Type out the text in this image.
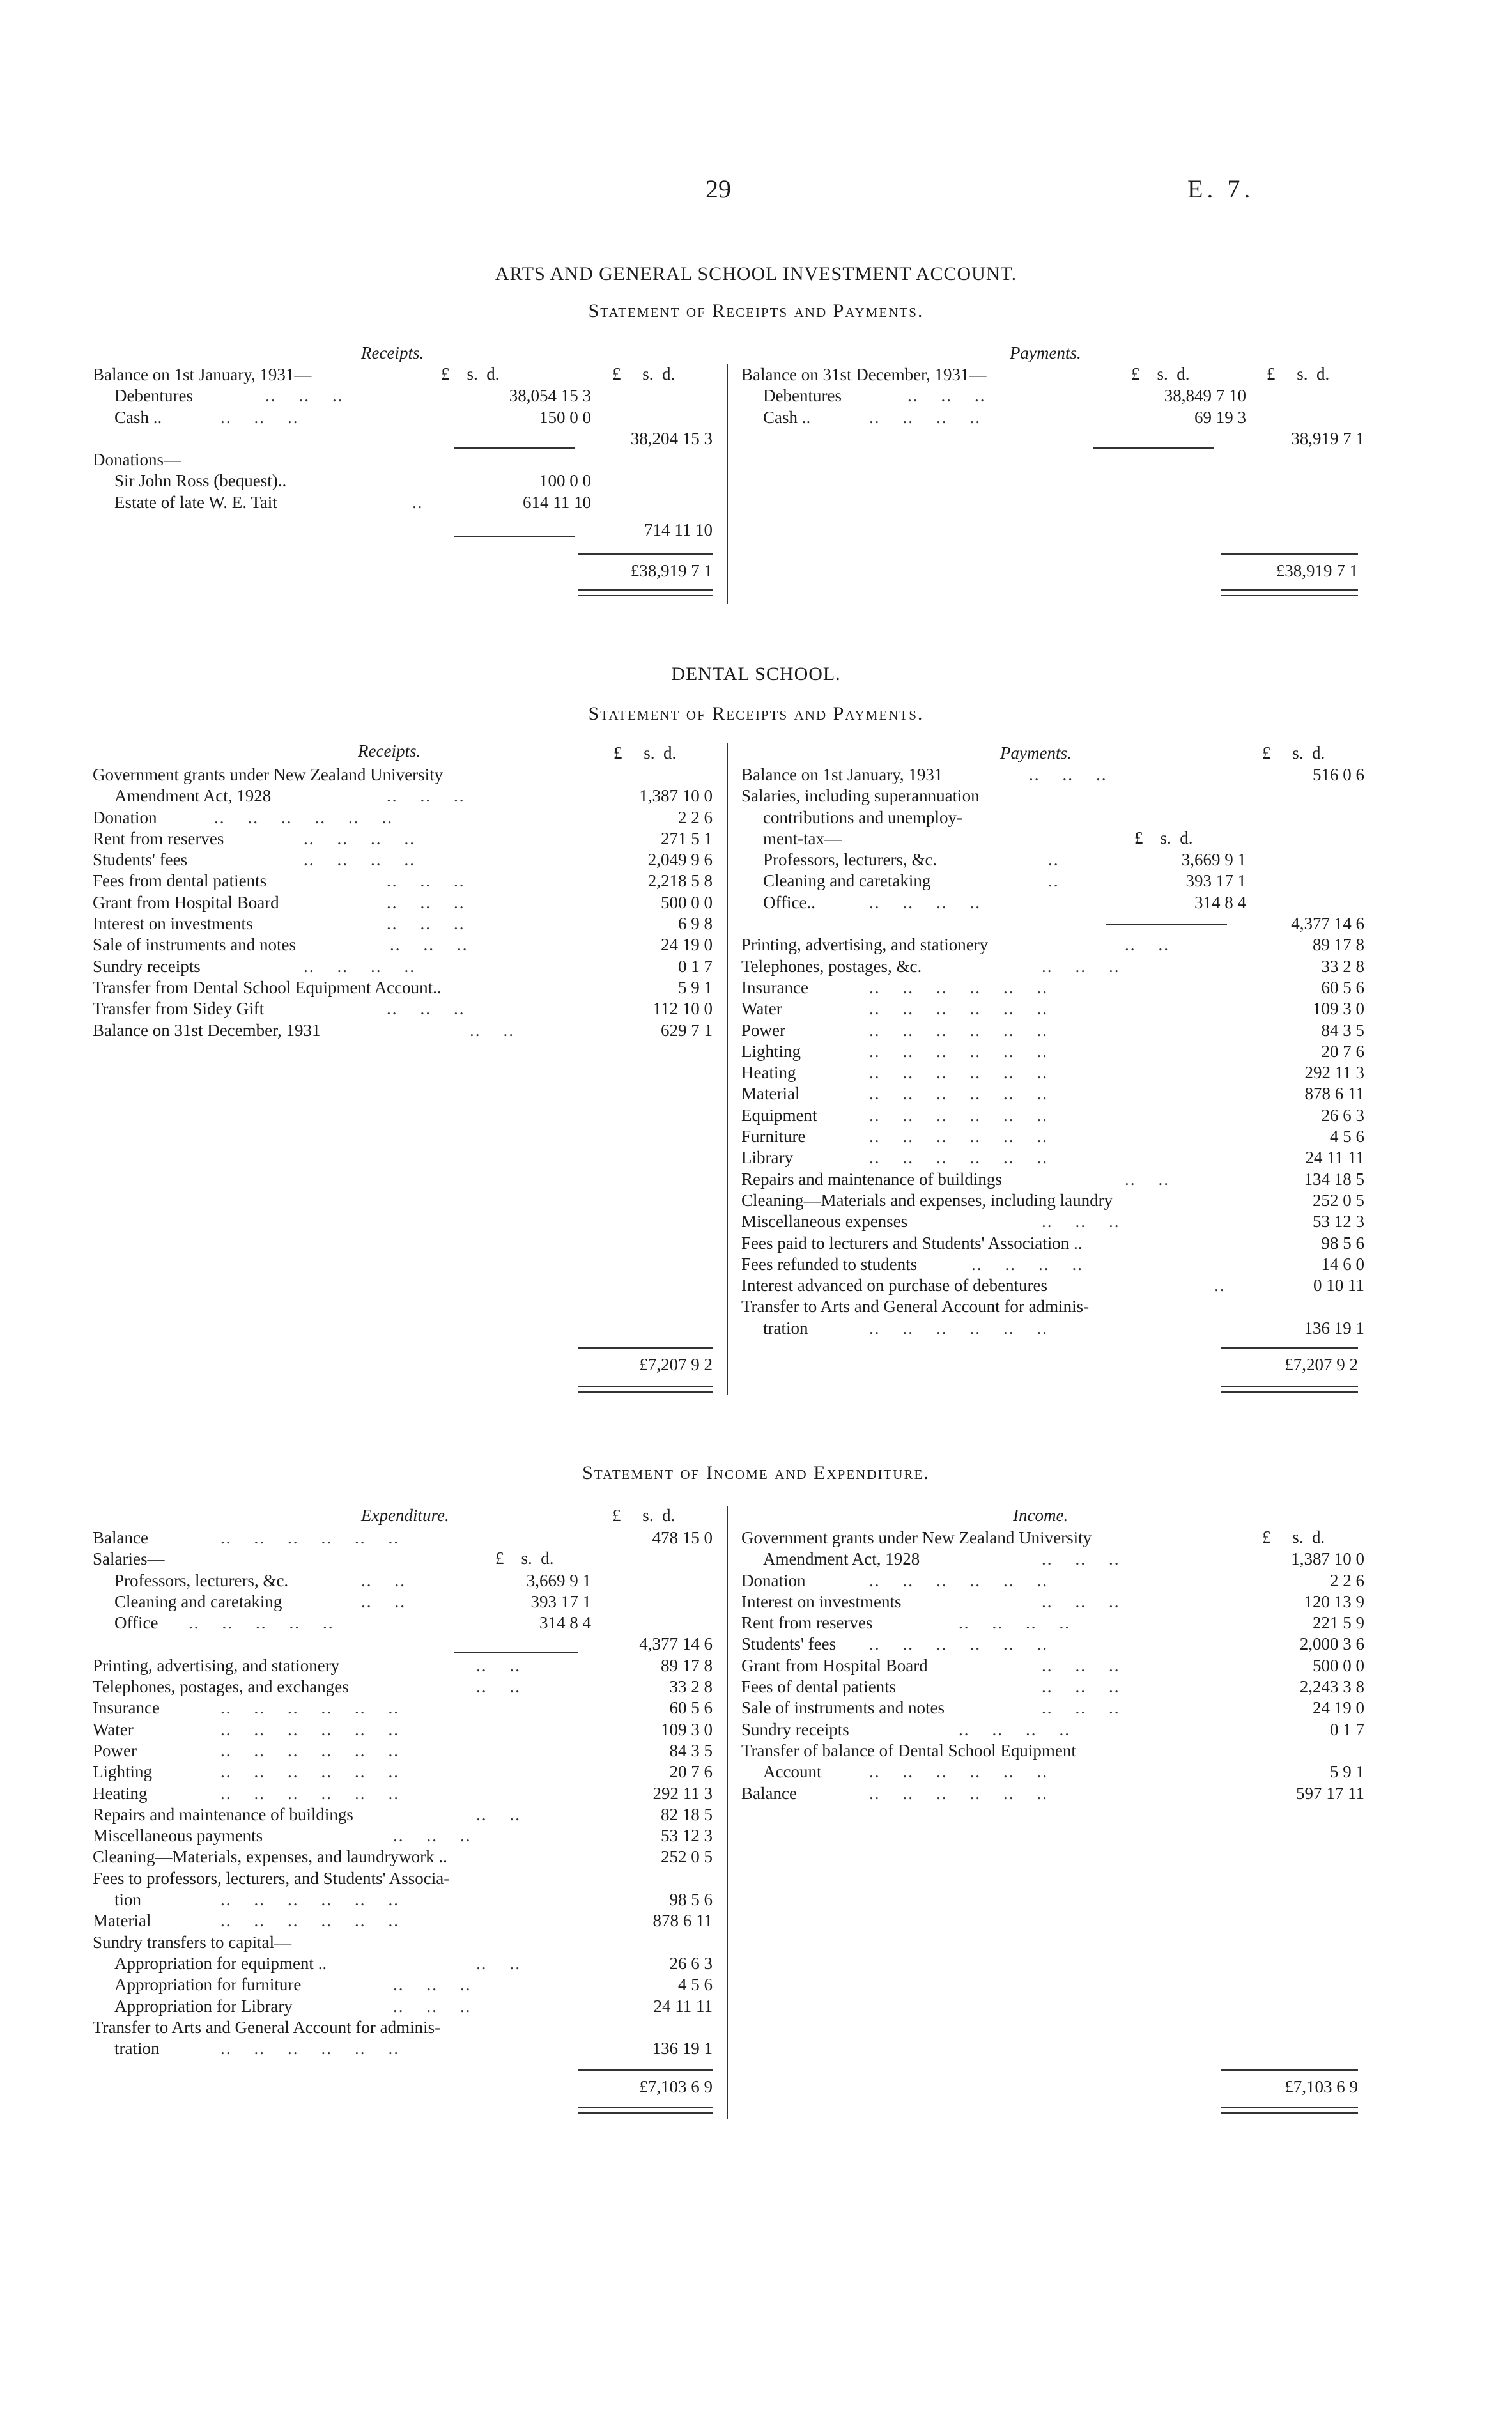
29	E. 7.
ARTS AND GENERAL SCHOOL INVESTMENT ACCOUNT.
Statement of Receipts and Payments.
Receipts.	Payments.
£    s.  d.	£     s.  d.	£    s.  d.	£     s.  d.
Balance on 1st January, 1931—
Debentures	..    ..    ..	38,054 15 3
Cash ..	..    ..    ..	150 0 0
38,204 15 3
Donations—
Sir John Ross (bequest)..	100 0 0
Estate of late W. E. Tait	..	614 11 10
714 11 10
£38,919 7 1
Balance on 31st December, 1931—
Debentures	..    ..    ..	38,849 7 10
Cash ..	..    ..    ..    ..	69 19 3
38,919 7 1
£38,919 7 1
DENTAL SCHOOL.
Statement of Receipts and Payments.
Receipts.	£     s.  d.	Payments.	£     s.  d.
£    s.  d.
Government grants under New Zealand University
Amendment Act, 1928	..    ..    ..	1,387 10 0
Donation	..    ..    ..    ..    ..    ..	2 2 6
Rent from reserves	..    ..    ..    ..	271 5 1
Students' fees	..    ..    ..    ..	2,049 9 6
Fees from dental patients	..    ..    ..	2,218 5 8
Grant from Hospital Board	..    ..    ..	500 0 0
Interest on investments	..    ..    ..	6 9 8
Sale of instruments and notes	..    ..    ..	24 19 0
Sundry receipts	..    ..    ..    ..	0 1 7
Transfer from Dental School Equipment Account..	5 9 1
Transfer from Sidey Gift	..    ..    ..	112 10 0
Balance on 31st December, 1931	..    ..	629 7 1
£7,207 9 2
Balance on 1st January, 1931	..    ..    ..	516 0 6
Salaries, including superannuation
contributions and unemploy-
ment-tax—
Professors, lecturers, &c.	..	3,669 9 1
Cleaning and caretaking	..	393 17 1
Office..	..    ..    ..    ..	314 8 4
4,377 14 6
Printing, advertising, and stationery	..    ..	89 17 8
Telephones, postages, &c.	..    ..    ..	33 2 8
Insurance	..    ..    ..    ..    ..    ..	60 5 6
Water	..    ..    ..    ..    ..    ..	109 3 0
Power	..    ..    ..    ..    ..    ..	84 3 5
Lighting	..    ..    ..    ..    ..    ..	20 7 6
Heating	..    ..    ..    ..    ..    ..	292 11 3
Material	..    ..    ..    ..    ..    ..	878 6 11
Equipment	..    ..    ..    ..    ..    ..	26 6 3
Furniture	..    ..    ..    ..    ..    ..	4 5 6
Library	..    ..    ..    ..    ..    ..	24 11 11
Repairs and maintenance of buildings	..    ..	134 18 5
Cleaning—Materials and expenses, including laundry	252 0 5
Miscellaneous expenses	..    ..    ..	53 12 3
Fees paid to lecturers and Students' Association ..	98 5 6
Fees refunded to students	..    ..    ..    ..	14 6 0
Interest advanced on purchase of debentures	..	0 10 11
Transfer to Arts and General Account for adminis-
tration	..    ..    ..    ..    ..    ..	136 19 1
£7,207 9 2
Statement of Income and Expenditure.
Expenditure.	£     s.  d.
£    s.  d.
Income.
£     s.  d.
Balance	..    ..    ..    ..    ..    ..	478 15 0
Salaries—
Professors, lecturers, &c.	..    ..	3,669 9 1
Cleaning and caretaking	..    ..	393 17 1
Office ..    ..    ..    ..    ..	314 8 4
4,377 14 6
Printing, advertising, and stationery	..    ..	89 17 8
Telephones, postages, and exchanges	..    ..	33 2 8
Insurance	..    ..    ..    ..    ..    ..	60 5 6
Water	..    ..    ..    ..    ..    ..	109 3 0
Power	..    ..    ..    ..    ..    ..	84 3 5
Lighting	..    ..    ..    ..    ..    ..	20 7 6
Heating	..    ..    ..    ..    ..    ..	292 11 3
Repairs and maintenance of buildings	..    ..	82 18 5
Miscellaneous payments	..    ..    ..	53 12 3
Cleaning—Materials, expenses, and laundrywork ..	252 0 5
Fees to professors, lecturers, and Students' Associa-
tion	..    ..    ..    ..    ..    ..	98 5 6
Material	..    ..    ..    ..    ..    ..	878 6 11
Sundry transfers to capital—
Appropriation for equipment ..	..    ..	26 6 3
Appropriation for furniture	..    ..    ..	4 5 6
Appropriation for Library	..    ..    ..	24 11 11
Transfer to Arts and General Account for adminis-
tration	..    ..    ..    ..    ..    ..	136 19 1
£7,103 6 9
Government grants under New Zealand University
Amendment Act, 1928	..    ..    ..	1,387 10 0
Donation	..    ..    ..    ..    ..    ..	2 2 6
Interest on investments	..    ..    ..	120 13 9
Rent from reserves	..    ..    ..    ..	221 5 9
Students' fees ..    ..    ..    ..    ..    ..	2,000 3 6
Grant from Hospital Board	..    ..    ..	500 0 0
Fees of dental patients	..    ..    ..	2,243 3 8
Sale of instruments and notes	..    ..    ..	24 19 0
Sundry receipts	..    ..    ..    ..	0 1 7
Transfer of balance of Dental School Equipment
Account	..    ..    ..    ..    ..    ..	5 9 1
Balance	..    ..    ..    ..    ..    ..	597 17 11
£7,103 6 9
